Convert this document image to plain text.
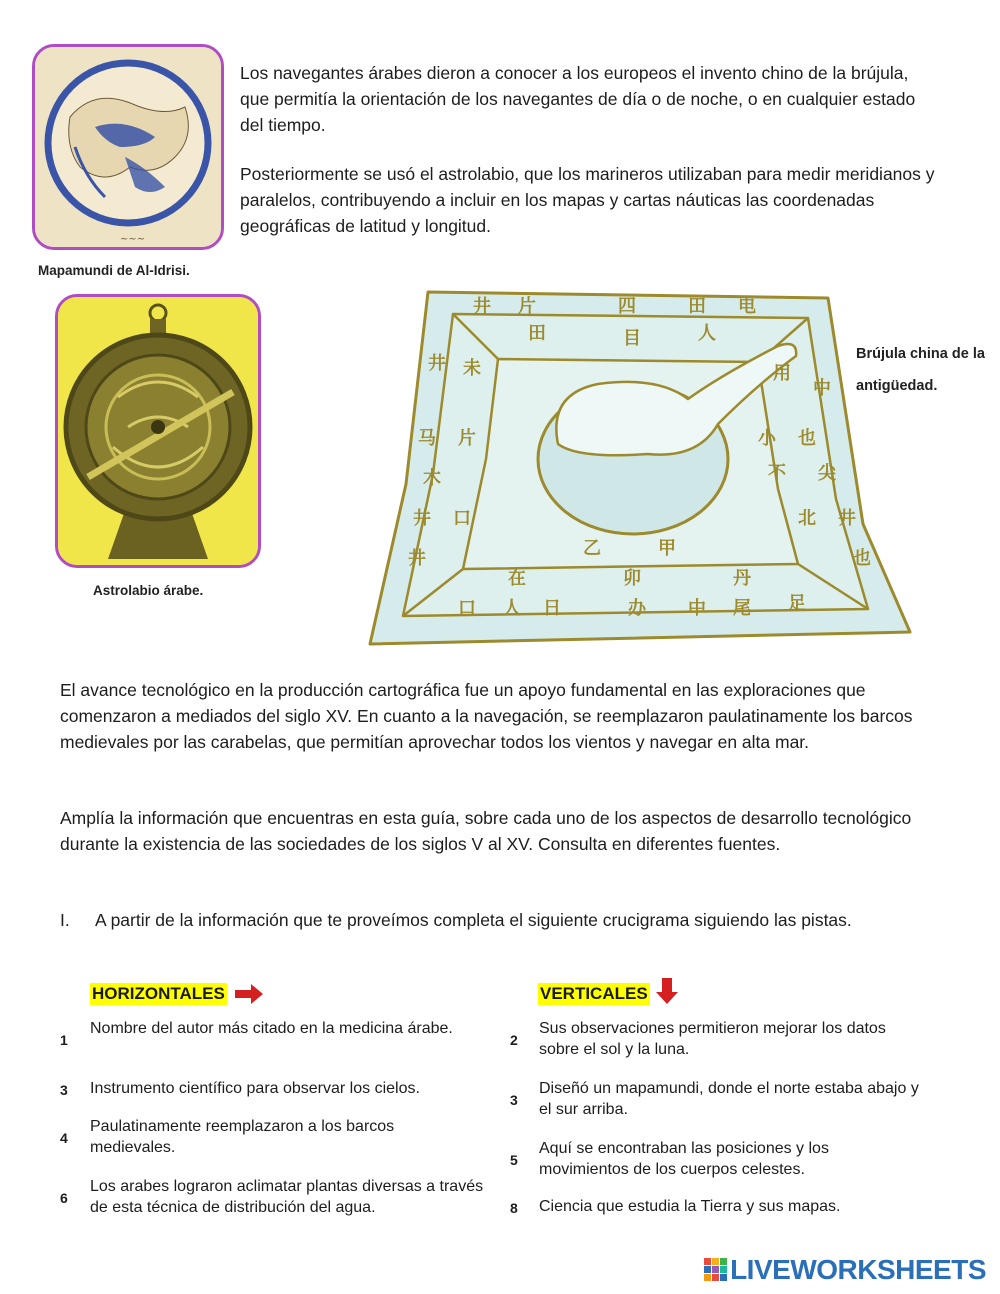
~~~
Mapamundi de Al-Idrisi.
Los navegantes árabes dieron a conocer a los europeos el invento chino de la brújula, que permitía la orientación de los navegantes de día o de noche, o en cualquier estado del tiempo.
Posteriormente se usó el astrolabio, que los marineros utilizaban para medir meridianos y paralelos, contribuyendo a incluir en los mapas y cartas náuticas las coordenadas geográficas de latitud y longitud.
Astrolabio árabe.
井 片	四	田 电
田	目	人
井 未	用
中
马 片	小 也
木	不 尖
井 口	北 井
井	乙	甲	也
在	卯	丹
口 人 日	办 中 尾 足
Brújula china de la antigüedad.
El avance tecnológico en la producción cartográfica fue un apoyo fundamental en las exploraciones que comenzaron a mediados del siglo XV. En cuanto a la navegación, se reemplazaron paulatinamente los barcos medievales por las carabelas, que permitían aprovechar todos los vientos y navegar en alta mar.
Amplía la información que encuentras en esta guía, sobre cada uno de los aspectos de desarrollo tecnológico durante la existencia de las sociedades de los siglos V al XV. Consulta en diferentes fuentes.
I. A partir de la información que te proveímos completa el siguiente crucigrama siguiendo las pistas.
HORIZONTALES	VERTICALES
1
Nombre del autor más citado en la medicina árabe.
3 Instrumento científico para observar los cielos.
4
Paulatinamente reemplazaron a los barcos medievales.
6
Los arabes lograron aclimatar plantas diversas a través de esta técnica de distribución del agua.
2
Sus observaciones permitieron mejorar los datos sobre el sol y la luna.
3
Diseñó un mapamundi, donde el norte estaba abajo y el sur arriba.
5
Aquí se encontraban las posiciones y los movimientos de los cuerpos celestes.
8 Ciencia que estudia la Tierra y sus mapas.
LIVEWORKSHEETS
